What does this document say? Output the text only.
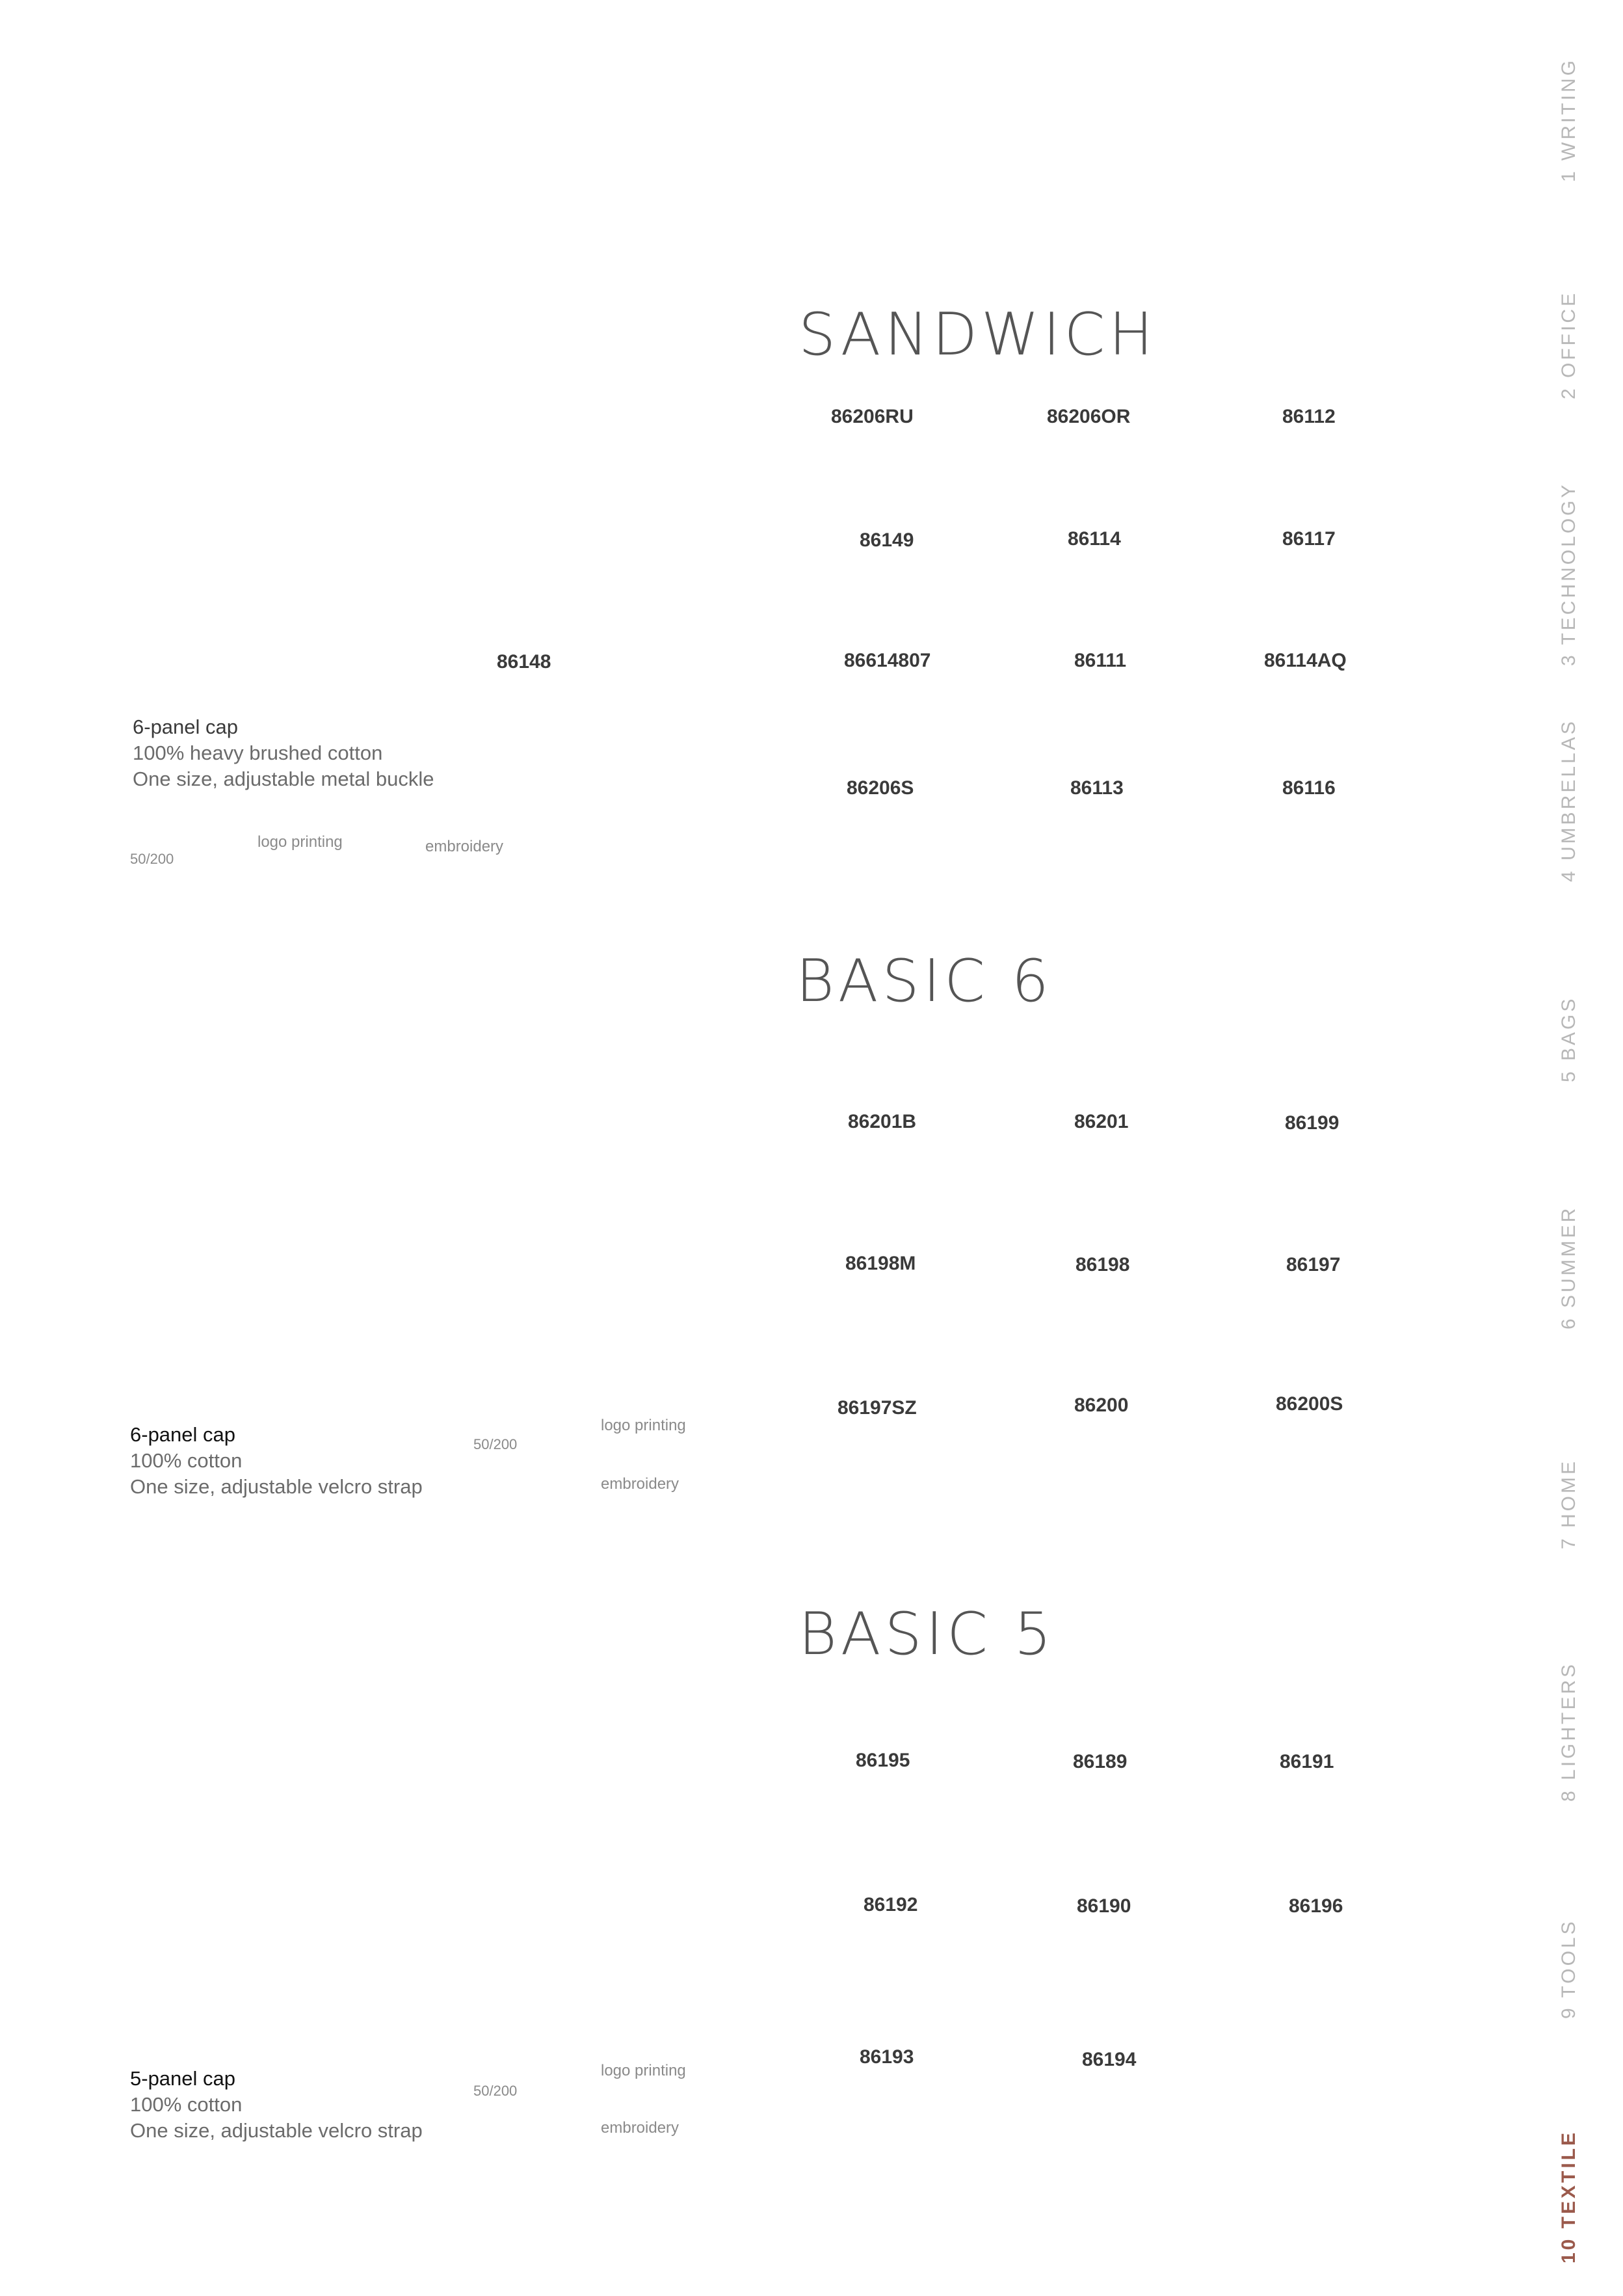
SANDWICH
86206RU	86206OR	86112
86149	86114	86117
86148	86614807	86111	86114AQ
86206S	86113	86116
6-panel cap
100% heavy brushed cotton
One size, adjustable metal buckle
50/200
logo printing	embroidery
BASIC 6
86201B	86201	86199
86198M	86198	86197
86197SZ	86200	86200S
6-panel cap
100% cotton
One size, adjustable velcro strap
50/200
logo printing
embroidery
BASIC 5
86195	86189	86191
86192	86190	86196
86193	86194
5-panel cap
100% cotton
One size, adjustable velcro strap
50/200
logo printing
embroidery
1 WRITING
2 OFFICE
3 TECHNOLOGY
4 UMBRELLAS
5 BAGS
6 SUMMER
7 HOME
8 LIGHTERS
9 TOOLS
10 TEXTILE
